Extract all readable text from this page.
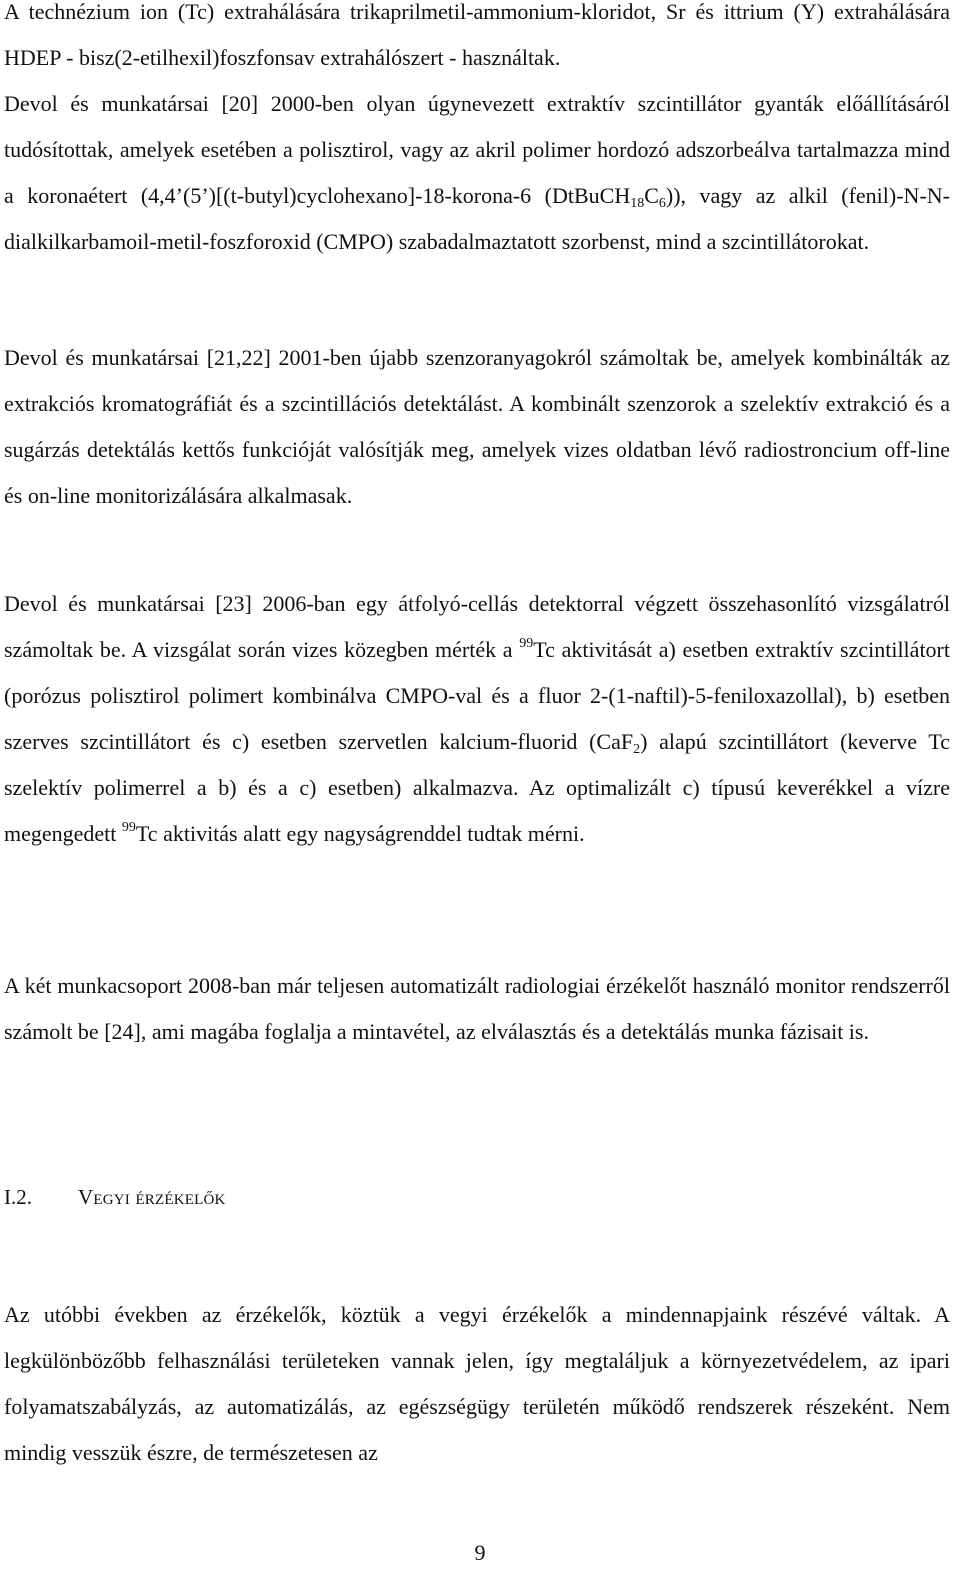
A technézium ion (Tc) extrahálására trikaprilmetil-ammonium-kloridot, Sr és ittrium (Y) extrahálására HDEP - bisz(2-etilhexil)foszfonsav extrahálószert - használtak.

Devol és munkatársai [20] 2000-ben olyan úgynevezett extraktív szcintillátor gyanták előállításáról tudósítottak, amelyek esetében a polisztirol, vagy az akril polimer hordozó adszorbeálva tartalmazza mind a koronaétert (4,4’(5’)[(t-butyl)cyclohexano]-18-korona-6 $(DtBuCH_{18}C_6)$), vagy az alkil (fenil)-N-N-dialkilkarbamoil-metil-foszforoxid (CMPO) szabadalmaztatott szorbenst, mind a szcintillátorokat.

Devol és munkatársai [21,22] 2001-ben újabb szenzoranyagokról számoltak be, amelyek kombinálták az extrakciós kromatográfiát és a szcintillációs detektálást. A kombinált szenzorok a szelektív extrakció és a sugárzás detektálás kettős funkcióját valósítják meg, amelyek vizes oldatban lévő radiostroncium off-line és on-line monitorizálására alkalmasak.

Devol és munkatársai [23] 2006-ban egy átfolyó-cellás detektorral végzett összehasonlító vizsgálatról számoltak be. A vizsgálat során vizes közegben mérték a $^{99}$Tc aktivitását a) esetben extraktív szcintillátort (porózus polisztirol polimert kombinálva CMPO-val és a fluor 2-(1-naftil)-5-feniloxazollal), b) esetben szerves szcintillátort és c) esetben szervetlen kalcium-fluorid (CaF$_2$) alapú szcintillátort (keverve Tc szelektív polimerrel a b) és a c) esetben) alkalmazva. Az optimalizált c) típusú keverékkel a vízre megengedett $^{99}$Tc aktivitás alatt egy nagyságrenddel tudtak mérni.

A két munkacsoport 2008-ban már teljesen automatizált radiologiai érzékelőt használó monitor rendszerről számolt be [24], ami magába foglalja a mintavétel, az elválasztás és a detektálás munka fázisait is.

I.2. Vegyi érzékelők

Az utóbbi években az érzékelők, köztük a vegyi érzékelők a mindennapjaink részévé váltak. A legkülönbözőbb felhasználási területeken vannak jelen, így megtaláljuk a környezetvédelem, az ipari folyamatszabályzás, az automatizálás, az egészségügy területén működő rendszerek részeként. Nem mindig vesszük észre, de természetesen az

9
